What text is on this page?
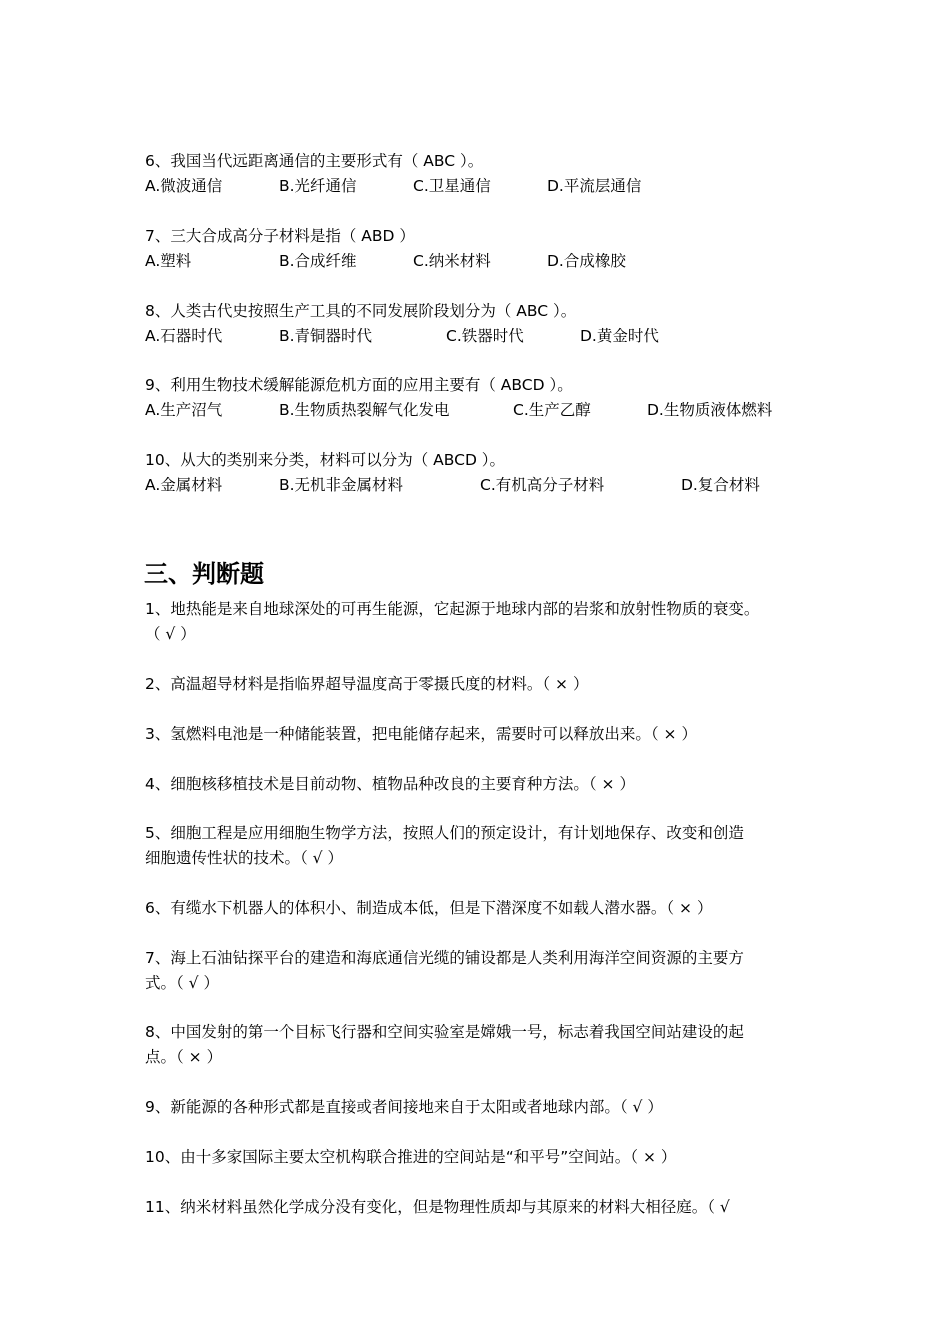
6、我国当代远距离通信的主要形式有（ ABC ）。
A.微波通信	B.光纤通信	C.卫星通信	D.平流层通信
7、三大合成高分子材料是指（ ABD ）
A.塑料	B.合成纤维	C.纳米材料	D.合成橡胶
8、人类古代史按照生产工具的不同发展阶段划分为（ ABC ）。
A.石器时代	B.青铜器时代	C.铁器时代	D.黄金时代
9、利用生物技术缓解能源危机方面的应用主要有（ ABCD ）。
A.生产沼气	B.生物质热裂解气化发电	C.生产乙醇	D.生物质液体燃料
10、从大的类别来分类，材料可以分为（ ABCD ）。
A.金属材料	B.无机非金属材料	C.有机高分子材料	D.复合材料
三、判断题
1、地热能是来自地球深处的可再生能源，它起源于地球内部的岩浆和放射性物质的衰变。
（ √ ）
2、高温超导材料是指临界超导温度高于零摄氏度的材料。（ × ）
3、氢燃料电池是一种储能装置，把电能储存起来，需要时可以释放出来。（ × ）
4、细胞核移植技术是目前动物、植物品种改良的主要育种方法。（ × ）
5、细胞工程是应用细胞生物学方法，按照人们的预定设计，有计划地保存、改变和创造
细胞遗传性状的技术。（ √ ）
6、有缆水下机器人的体积小、制造成本低，但是下潜深度不如载人潜水器。（ × ）
7、海上石油钻探平台的建造和海底通信光缆的铺设都是人类利用海洋空间资源的主要方
式。（ √ ）
8、中国发射的第一个目标飞行器和空间实验室是嫦娥一号，标志着我国空间站建设的起
点。（ × ）
9、新能源的各种形式都是直接或者间接地来自于太阳或者地球内部。（ √ ）
10、由十多家国际主要太空机构联合推进的空间站是“和平号”空间站。（ × ）
11、纳米材料虽然化学成分没有变化，但是物理性质却与其原来的材料大相径庭。（ √
